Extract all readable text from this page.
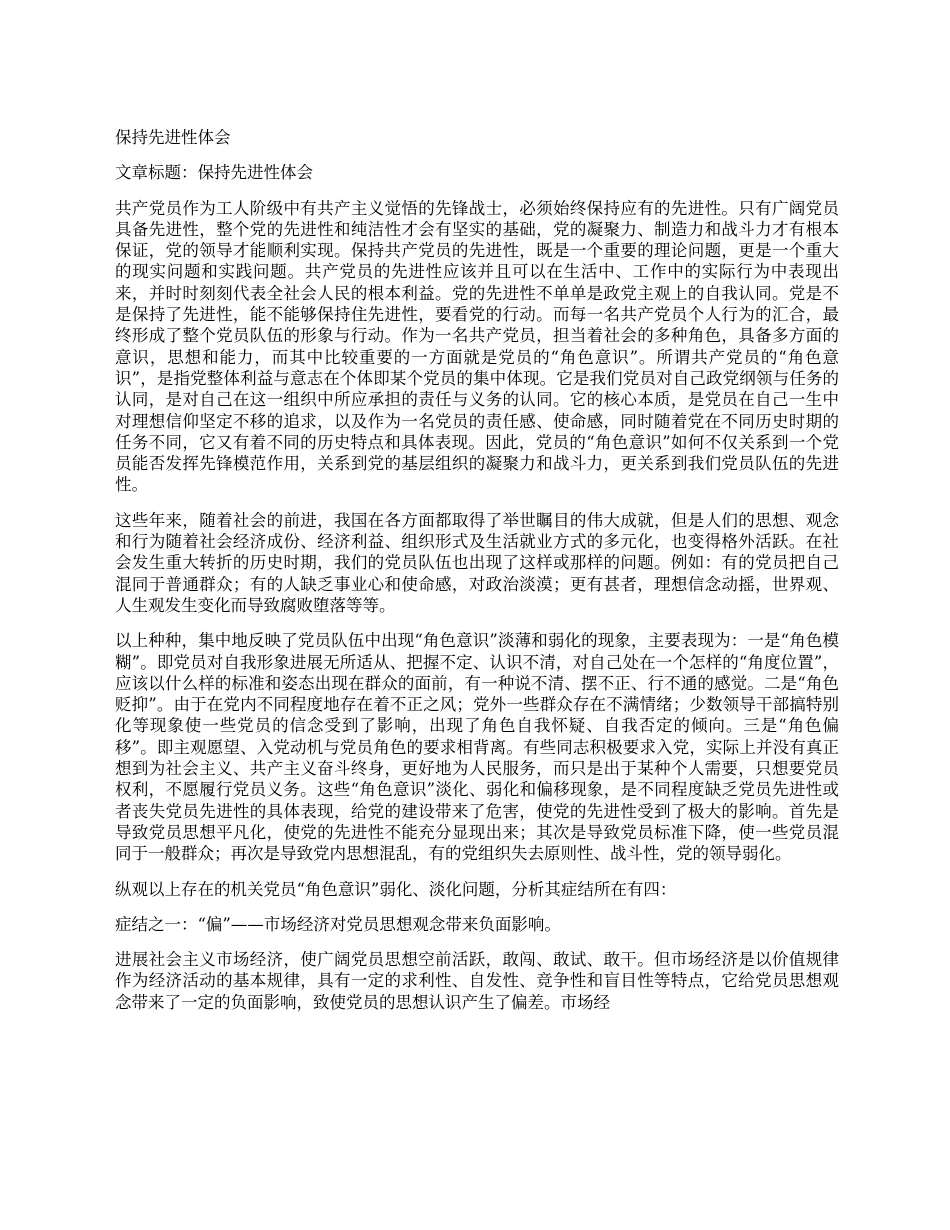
保持先进性体会

文章标题：保持先进性体会

共产党员作为工人阶级中有共产主义觉悟的先锋战士，必须始终保持应有的先进性。只有广阔党员具备先进性，整个党的先进性和纯洁性才会有坚实的基础，党的凝聚力、制造力和战斗力才有根本保证，党的领导才能顺利实现。保持共产党员的先进性，既是一个重要的理论问题，更是一个重大的现实问题和实践问题。共产党员的先进性应该并且可以在生活中、工作中的实际行为中表现出来，并时时刻刻代表全社会人民的根本利益。党的先进性不单单是政党主观上的自我认同。党是不是保持了先进性，能不能够保持住先进性，要看党的行动。而每一名共产党员个人行为的汇合，最终形成了整个党员队伍的形象与行动。作为一名共产党员，担当着社会的多种角色，具备多方面的意识，思想和能力，而其中比较重要的一方面就是党员的“角色意识”。所谓共产党员的“角色意识”，是指党整体利益与意志在个体即某个党员的集中体现。它是我们党员对自己政党纲领与任务的认同，是对自己在这一组织中所应承担的责任与义务的认同。它的核心本质，是党员在自己一生中对理想信仰坚定不移的追求，以及作为一名党员的责任感、使命感，同时随着党在不同历史时期的任务不同，它又有着不同的历史特点和具体表现。因此，党员的“角色意识”如何不仅关系到一个党员能否发挥先锋模范作用，关系到党的基层组织的凝聚力和战斗力，更关系到我们党员队伍的先进性。

这些年来，随着社会的前进，我国在各方面都取得了举世瞩目的伟大成就，但是人们的思想、观念和行为随着社会经济成份、经济利益、组织形式及生活就业方式的多元化，也变得格外活跃。在社会发生重大转折的历史时期，我们的党员队伍也出现了这样或那样的问题。例如：有的党员把自己混同于普通群众；有的人缺乏事业心和使命感，对政治淡漠；更有甚者，理想信念动摇，世界观、人生观发生变化而导致腐败堕落等等。

以上种种，集中地反映了党员队伍中出现“角色意识”淡薄和弱化的现象，主要表现为：一是“角色模糊”。即党员对自我形象进展无所适从、把握不定、认识不清，对自己处在一个怎样的“角度位置”，应该以什么样的标准和姿态出现在群众的面前，有一种说不清、摆不正、行不通的感觉。二是“角色贬抑”。由于在党内不同程度地存在着不正之风；党外一些群众存在不满情绪；少数领导干部搞特别化等现象使一些党员的信念受到了影响，出现了角色自我怀疑、自我否定的倾向。三是“角色偏移”。即主观愿望、入党动机与党员角色的要求相背离。有些同志积极要求入党，实际上并没有真正想到为社会主义、共产主义奋斗终身，更好地为人民服务，而只是出于某种个人需要，只想要党员权利，不愿履行党员义务。这些“角色意识”淡化、弱化和偏移现象，是不同程度缺乏党员先进性或者丧失党员先进性的具体表现，给党的建设带来了危害，使党的先进性受到了极大的影响。首先是导致党员思想平凡化，使党的先进性不能充分显现出来；其次是导致党员标准下降，使一些党员混同于一般群众；再次是导致党内思想混乱，有的党组织失去原则性、战斗性，党的领导弱化。

纵观以上存在的机关党员“角色意识”弱化、淡化问题，分析其症结所在有四：

症结之一：“偏”——市场经济对党员思想观念带来负面影响。

进展社会主义市场经济，使广阔党员思想空前活跃，敢闯、敢试、敢干。但市场经济是以价值规律作为经济活动的基本规律，具有一定的求利性、自发性、竞争性和盲目性等特点，它给党员思想观念带来了一定的负面影响，致使党员的思想认识产生了偏差。市场经
